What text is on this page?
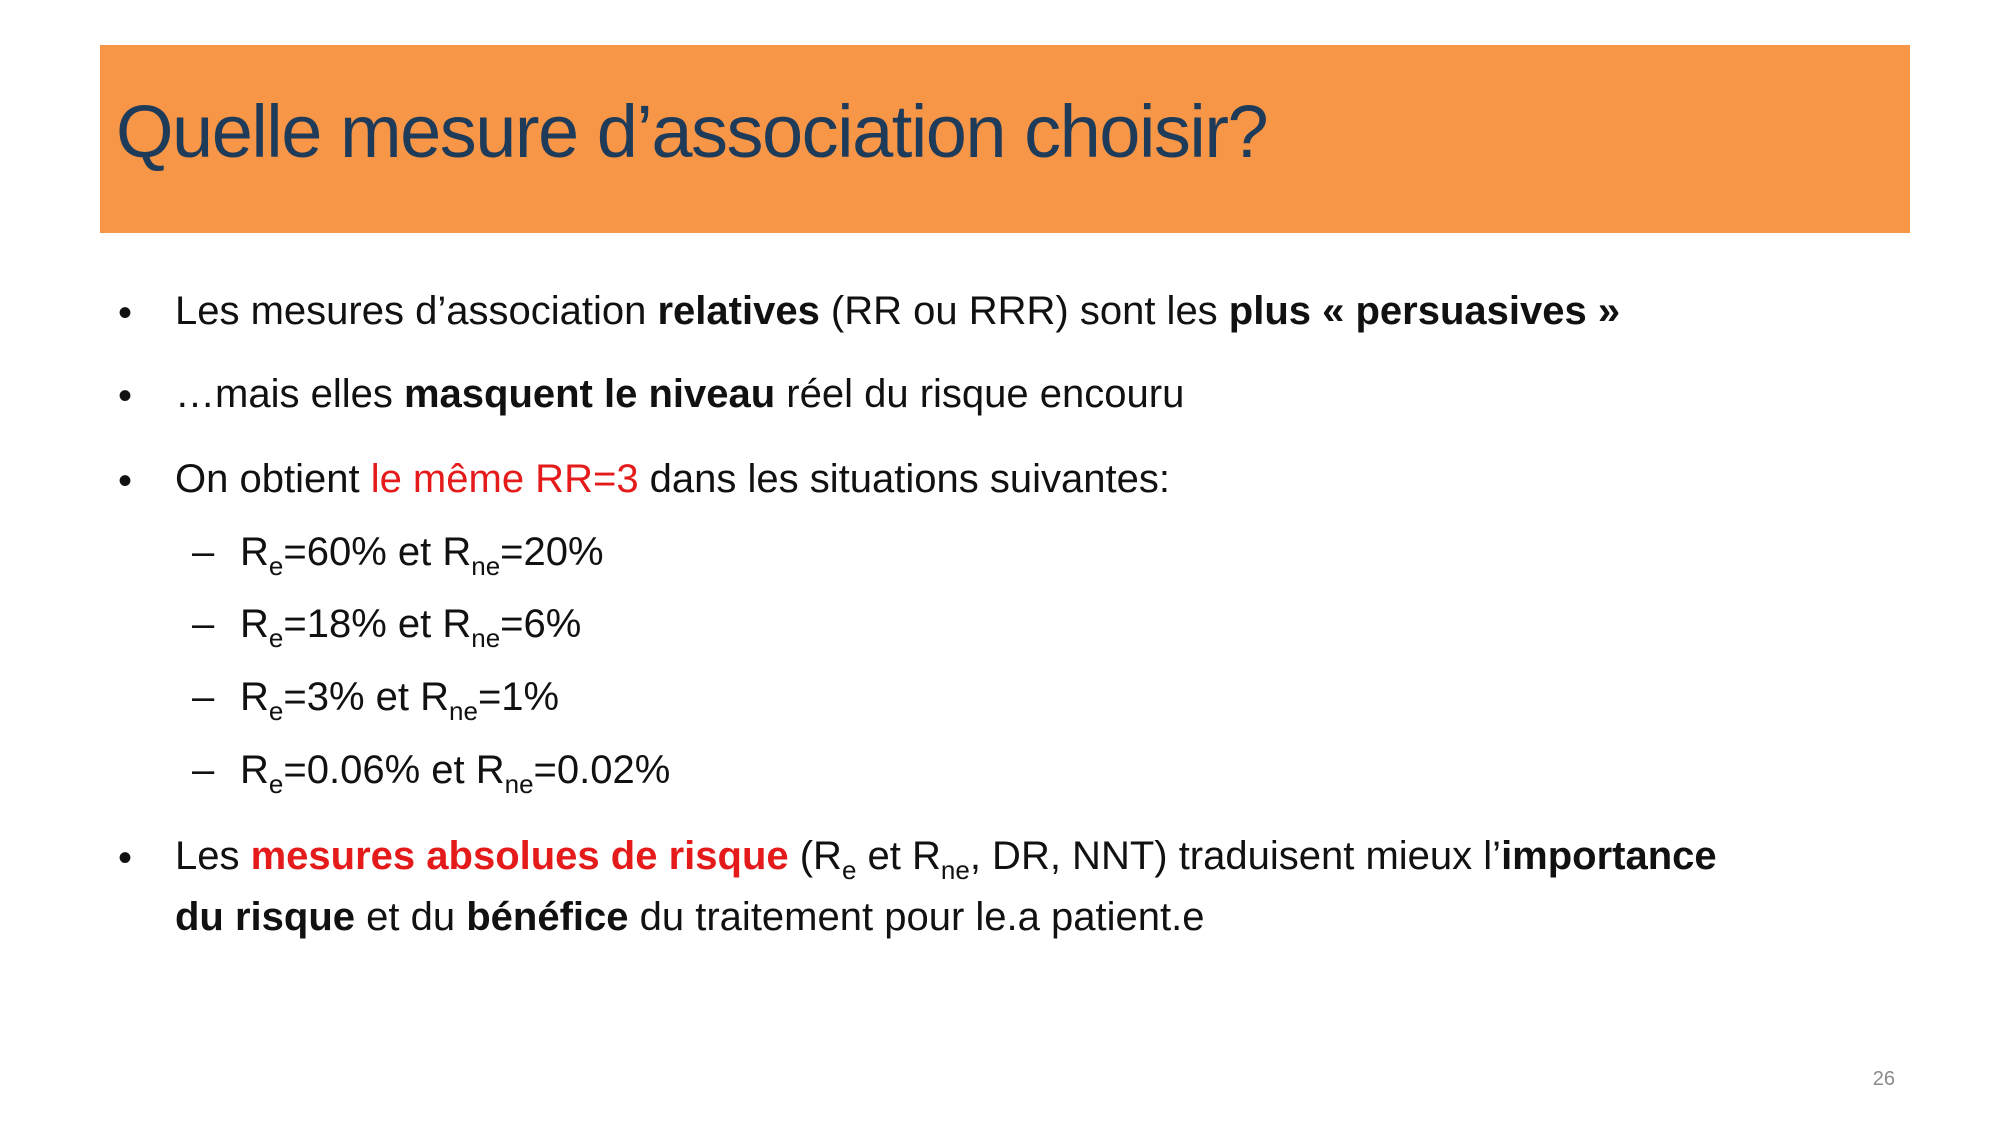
Quelle mesure d’association choisir?
• Les mesures d’association relatives (RR ou RRR) sont les plus « persuasives »
• …mais elles masquent le niveau réel du risque encouru
• On obtient le même RR=3 dans les situations suivantes:
– $R_e=60\%$ et $R_{ne}=20\%$
– $R_e=18\%$ et $R_{ne}=6\%$
– $R_e=3\%$ et $R_{ne}=1\%$
– $R_e=0.06\%$ et $R_{ne}=0.02\%$
• Les mesures absolues de risque ($R_e$ et $R_{ne}$, DR, NNT) traduisent mieux l’importance
du risque et du bénéfice du traitement pour le.a patient.e
26
